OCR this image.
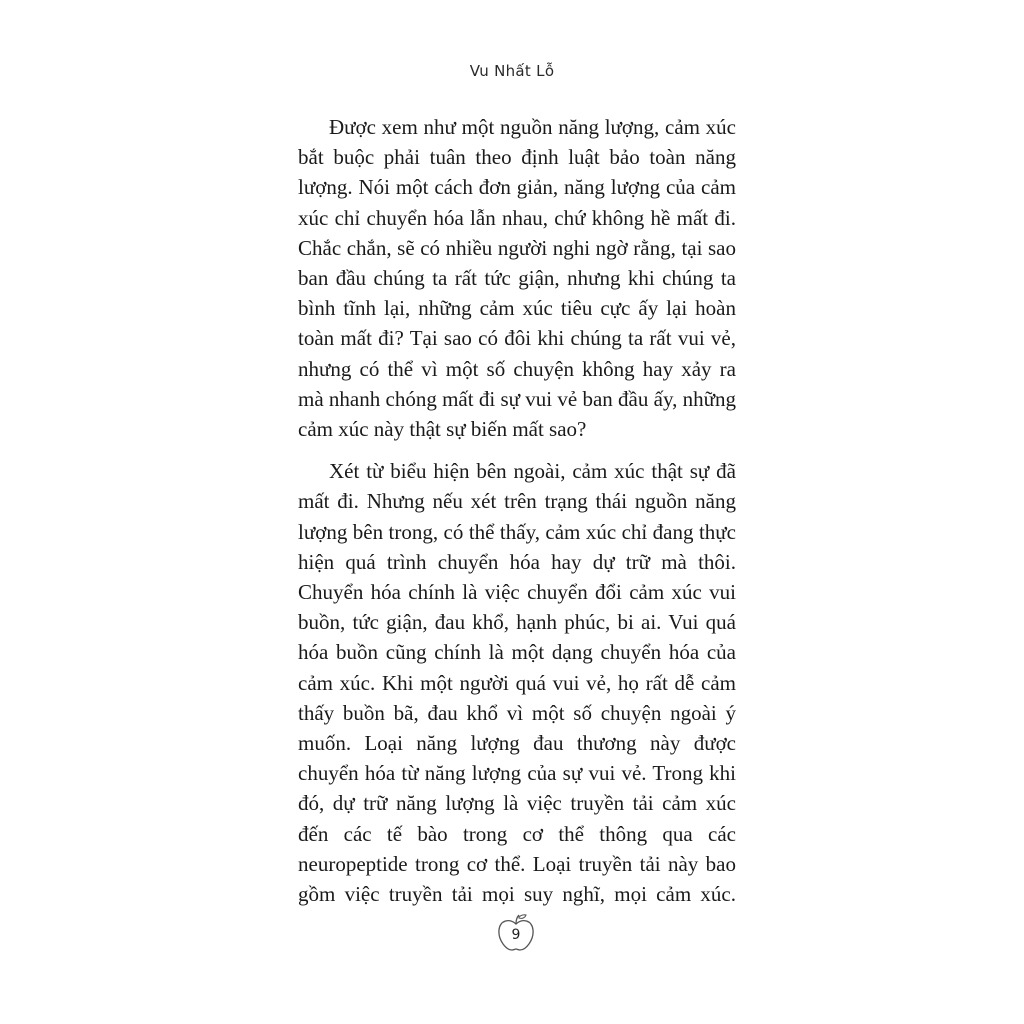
Vu Nhất Lỗ

Được xem như một nguồn năng lượng, cảm xúc bắt buộc phải tuân theo định luật bảo toàn năng lượng. Nói một cách đơn giản, năng lượng của cảm xúc chỉ chuyển hóa lẫn nhau, chứ không hề mất đi. Chắc chắn, sẽ có nhiều người nghi ngờ rằng, tại sao ban đầu chúng ta rất tức giận, nhưng khi chúng ta bình tĩnh lại, những cảm xúc tiêu cực ấy lại hoàn toàn mất đi? Tại sao có đôi khi chúng ta rất vui vẻ, nhưng có thể vì một số chuyện không hay xảy ra mà nhanh chóng mất đi sự vui vẻ ban đầu ấy, những cảm xúc này thật sự biến mất sao?

Xét từ biểu hiện bên ngoài, cảm xúc thật sự đã mất đi. Nhưng nếu xét trên trạng thái nguồn năng lượng bên trong, có thể thấy, cảm xúc chỉ đang thực hiện quá trình chuyển hóa hay dự trữ mà thôi. Chuyển hóa chính là việc chuyển đổi cảm xúc vui buồn, tức giận, đau khổ, hạnh phúc, bi ai. Vui quá hóa buồn cũng chính là một dạng chuyển hóa của cảm xúc. Khi một người quá vui vẻ, họ rất dễ cảm thấy buồn bã, đau khổ vì một số chuyện ngoài ý muốn. Loại năng lượng đau thương này được chuyển hóa từ năng lượng của sự vui vẻ. Trong khi đó, dự trữ năng lượng là việc truyền tải cảm xúc đến các tế bào trong cơ thể thông qua các neuropeptide trong cơ thể. Loại truyền tải này bao gồm việc truyền tải mọi suy nghĩ, mọi cảm xúc.

9
